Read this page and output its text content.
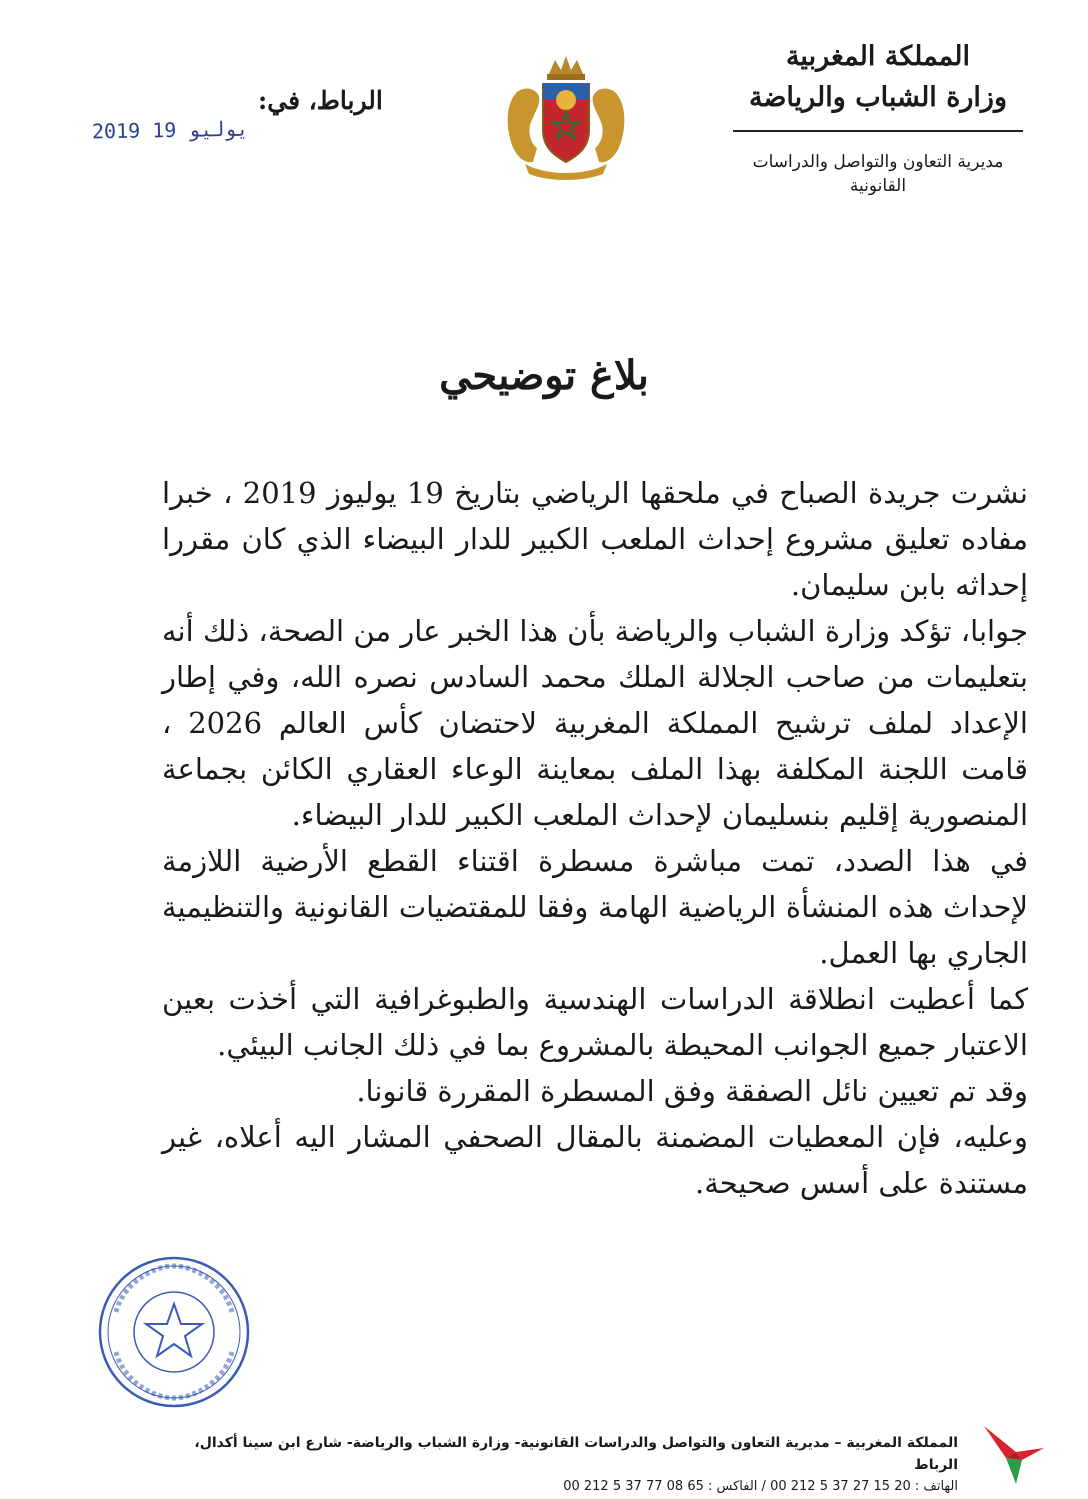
المملكة المغربية
وزارة الشباب والرياضة
مديرية التعاون والتواصل والدراسات القانونية
الرباط، في:
2019 يوليو 19
بلاغ توضيحي

نشرت جريدة الصباح في ملحقها الرياضي بتاريخ 19 يوليوز 2019 ، خبرا مفاده تعليق مشروع إحداث الملعب الكبير للدار البيضاء الذي كان مقررا إحداثه بابن سليمان.

جوابا، تؤكد وزارة الشباب والرياضة بأن هذا الخبر عار من الصحة، ذلك أنه بتعليمات من صاحب الجلالة الملك محمد السادس نصره الله، وفي إطار الإعداد لملف ترشيح المملكة المغربية لاحتضان كأس العالم 2026 ، قامت اللجنة المكلفة بهذا الملف بمعاينة الوعاء العقاري الكائن بجماعة المنصورية إقليم بنسليمان لإحداث الملعب الكبير للدار البيضاء.

في هذا الصدد، تمت مباشرة مسطرة اقتناء القطع الأرضية اللازمة لإحداث هذه المنشأة الرياضية الهامة وفقا للمقتضيات القانونية والتنظيمية الجاري بها العمل.

كما أعطيت انطلاقة الدراسات الهندسية والطبوغرافية التي أخذت بعين الاعتبار جميع الجوانب المحيطة بالمشروع بما في ذلك الجانب البيئي.

وقد تم تعيين نائل الصفقة وفق المسطرة المقررة قانونا.

وعليه، فإن المعطيات المضمنة بالمقال الصحفي المشار اليه أعلاه، غير مستندة على أسس صحيحة.

المملكة المغربية – مديرية التعاون والتواصل والدراسات القانونية- وزارة الشباب والرياضة- شارع ابن سينا أكدال، الرباط
الهاتف : 20 15 27 37 5 212 00 / الفاكس : 65 08 77 37 5 212 00
